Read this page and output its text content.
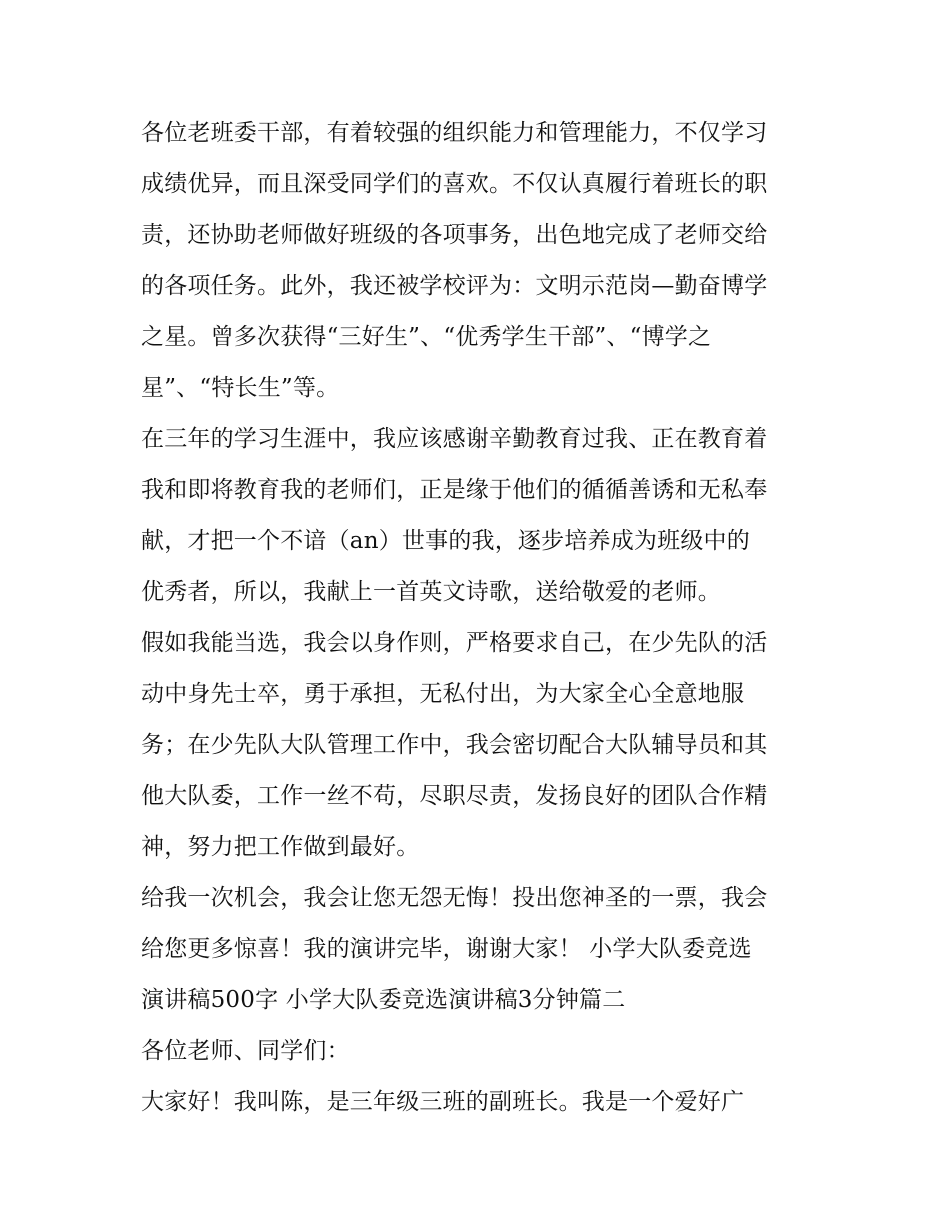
各位老班委干部，有着较强的组织能力和管理能力，不仅学习
成绩优异，而且深受同学们的喜欢。不仅认真履行着班长的职
责，还协助老师做好班级的各项事务，出色地完成了老师交给
的各项任务。此外，我还被学校评为：文明示范岗—勤奋博学
之星。曾多次获得“三好生”、“优秀学生干部”、“博学之
星”、“特长生”等。
在三年的学习生涯中，我应该感谢辛勤教育过我、正在教育着
我和即将教育我的老师们，正是缘于他们的循循善诱和无私奉
献，才把一个不谙（an）世事的我，逐步培养成为班级中的
优秀者，所以，我献上一首英文诗歌，送给敬爱的老师。
假如我能当选，我会以身作则，严格要求自己，在少先队的活
动中身先士卒，勇于承担，无私付出，为大家全心全意地服
务；在少先队大队管理工作中，我会密切配合大队辅导员和其
他大队委，工作一丝不苟，尽职尽责，发扬良好的团队合作精
神，努力把工作做到最好。
给我一次机会，我会让您无怨无悔！投出您神圣的一票，我会
给您更多惊喜！我的演讲完毕，谢谢大家！ 小学大队委竞选
演讲稿500字 小学大队委竞选演讲稿3分钟篇二
各位老师、同学们：
大家好！我叫陈，是三年级三班的副班长。我是一个爱好广
